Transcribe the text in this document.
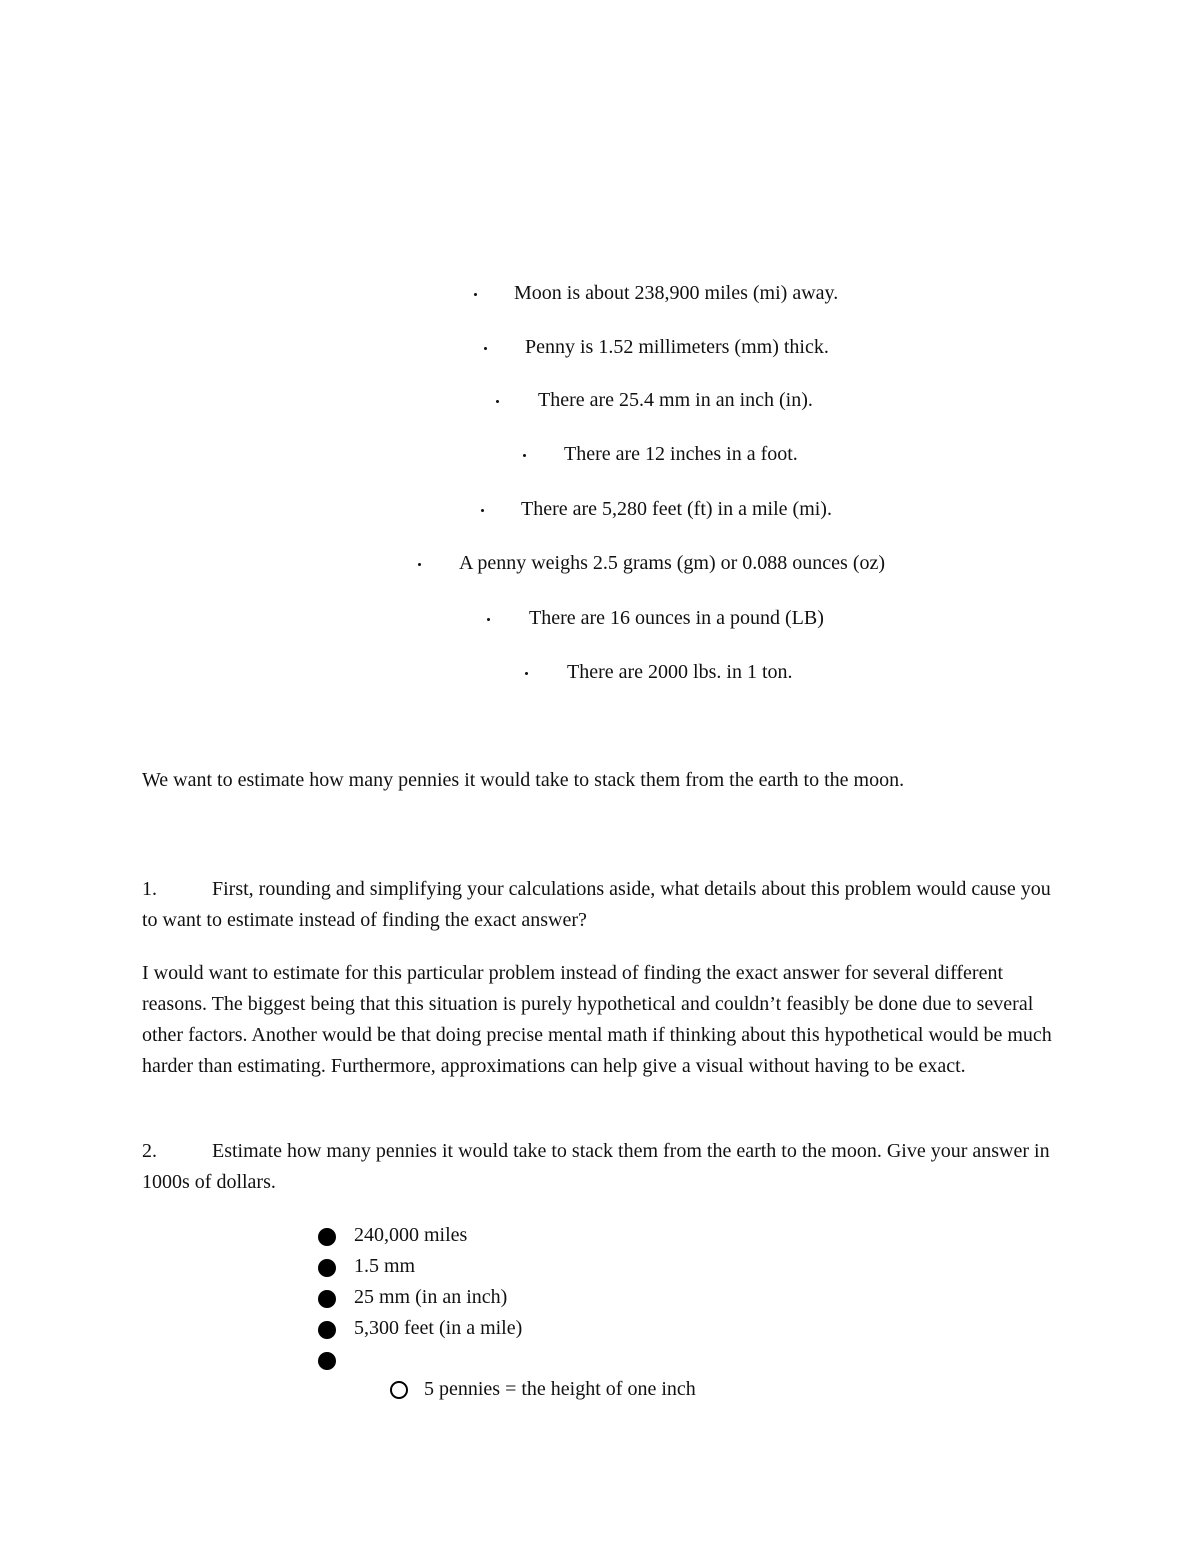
Moon is about 238,900 miles (mi) away.
Penny is 1.52 millimeters (mm) thick.
There are 25.4 mm in an inch (in).
There are 12 inches in a foot.
There are 5,280 feet (ft) in a mile (mi).
A penny weighs 2.5 grams (gm) or 0.088 ounces (oz)
There are 16 ounces in a pound (LB)
There are 2000 lbs. in 1 ton.
We want to estimate how many pennies it would take to stack them from the earth to the moon.
1.	First, rounding and simplifying your calculations aside, what details about this problem would cause you to want to estimate instead of finding the exact answer?
I would want to estimate for this particular problem instead of finding the exact answer for several different reasons. The biggest being that this situation is purely hypothetical and couldn’t feasibly be done due to several other factors. Another would be that doing precise mental math if thinking about this hypothetical would be much harder than estimating. Furthermore, approximations can help give a visual without having to be exact.
2.	Estimate how many pennies it would take to stack them from the earth to the moon. Give your answer in 1000s of dollars.
240,000 miles
1.5 mm
25 mm (in an inch)
5,300 feet (in a mile)
5 pennies = the height of one inch
